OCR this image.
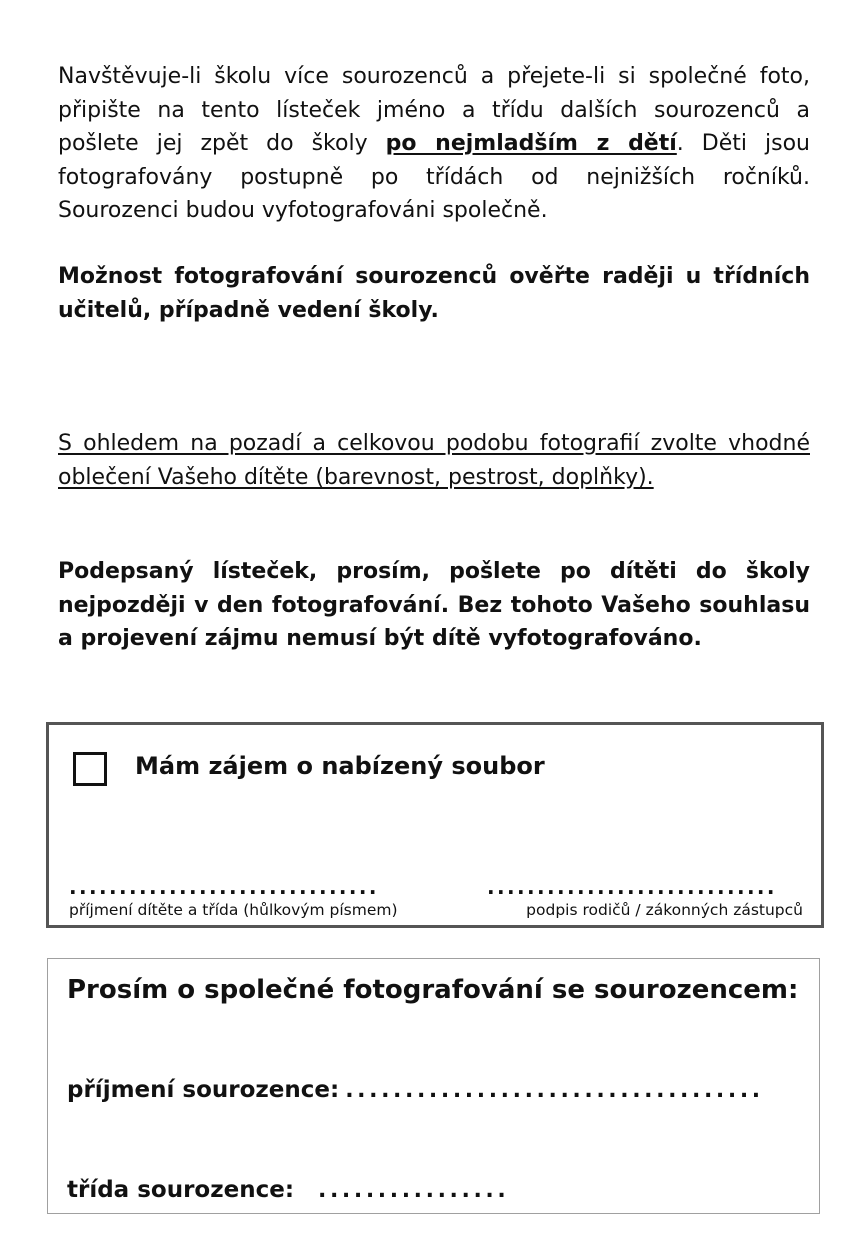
Navštěvuje-li školu více sourozenců a přejete-li si společné foto, připište na tento lísteček jméno a třídu dalších sourozenců a pošlete jej zpět do školy po nejmladším z dětí. Děti jsou fotografovány postupně po třídách od nejnižších ročníků. Sourozenci budou vyfotografováni společně.

Možnost fotografování sourozenců ověřte raději u třídních učitelů, případně vedení školy.

S ohledem na pozadí a celkovou podobu fotografií zvolte vhodné oblečení Vašeho dítěte (barevnost, pestrost, doplňky).

Podepsaný lísteček, prosím, pošlete po dítěti do školy nejpozději v den fotografování. Bez tohoto Vašeho souhlasu a projevení zájmu nemusí být dítě vyfotografováno.

Mám zájem o nabízený soubor
...............................	.............................
příjmení dítěte a třída (hůlkovým písmem)	podpis rodičů / zákonných zástupců
Prosím o společné fotografování se sourozencem:
příjmení sourozence: ...................................
třída sourozence: ................
